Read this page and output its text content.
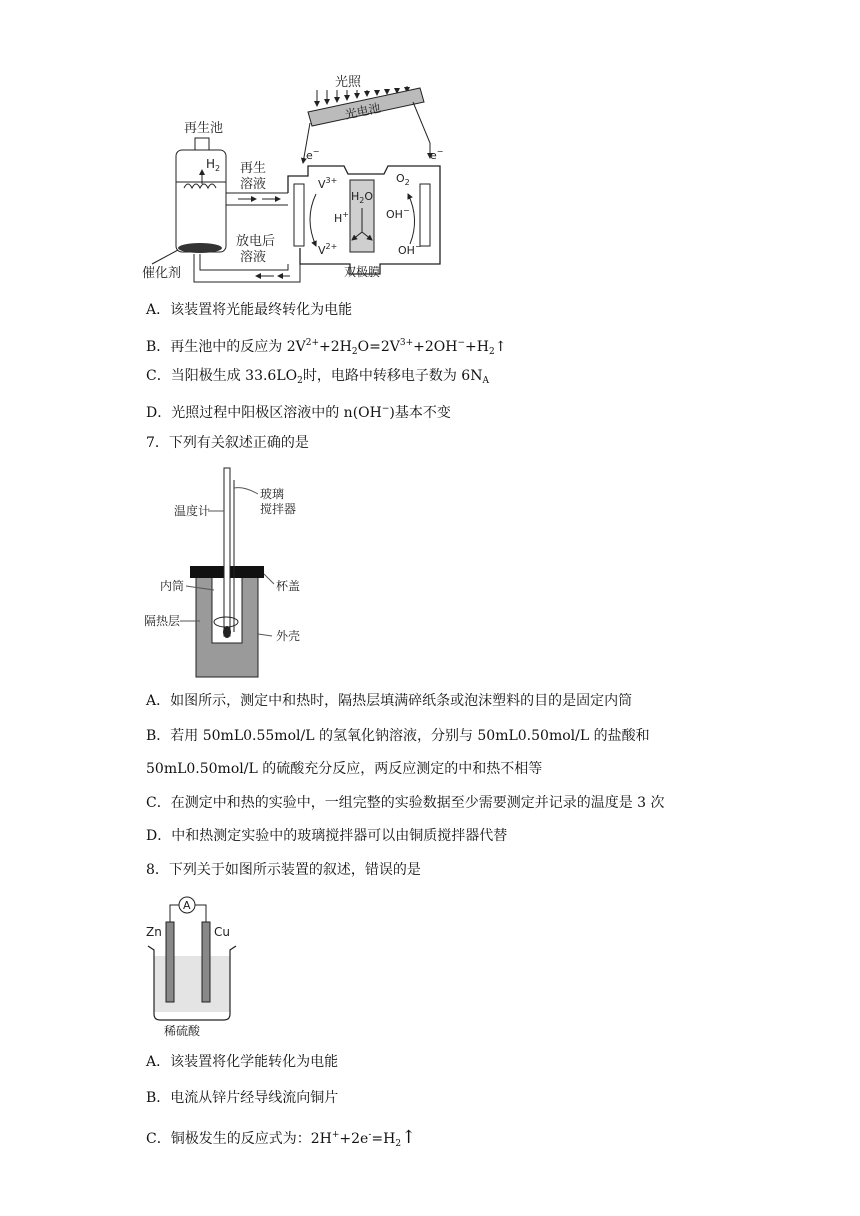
光照
光电池
e−	e−
再生池
$H_2$
催化剂
再生
溶液
放电后
溶液
$V^{3+}$
$V^{2+}$
H+
$H_2O$
OH−
OH−
$O_2$
双极膜
A．该装置将光能最终转化为电能
B．再生池中的反应为 $2V^{2+}+2H_2O=2V^{3+}+2OH^-+H_2↑$
C．当阳极生成 $33.6LO_2$时，电路中转移电子数为 $6N_A$
D．光照过程中阳极区溶液中的 n(OH−)基本不变
7．下列有关叙述正确的是
温度计
玻璃
搅拌器
内筒	杯盖
隔热层
外壳
A．如图所示，测定中和热时，隔热层填满碎纸条或泡沫塑料的目的是固定内筒
B．若用 50mL0.55mol/L 的氢氧化钠溶液，分别与 50mL0.50mol/L 的盐酸和
50mL0.50mol/L 的硫酸充分反应，两反应测定的中和热不相等
C．在测定中和热的实验中，一组完整的实验数据至少需要测定并记录的温度是 3 次
D．中和热测定实验中的玻璃搅拌器可以由铜质搅拌器代替
8．下列关于如图所示装置的叙述，错误的是
A
Zn	Cu
稀硫酸
A．该装置将化学能转化为电能
B．电流从锌片经导线流向铜片
C．铜极发生的反应式为：$2H^++2e^-=H_2↑$
